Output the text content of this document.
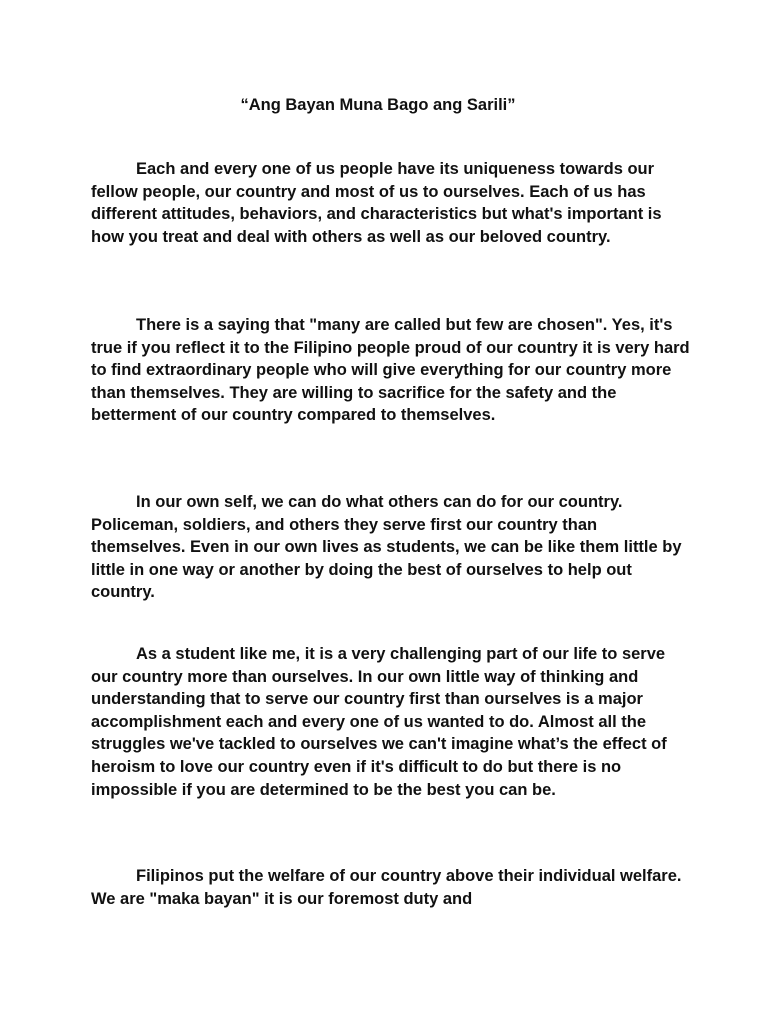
“Ang Bayan Muna Bago ang Sarili”

Each and every one of us people have its uniqueness towards our fellow people, our country and most of us to ourselves. Each of us has different attitudes, behaviors, and characteristics but what's important is how you treat and deal with others as well as our beloved country.

There is a saying that "many are called but few are chosen". Yes, it's true if you reflect it to the Filipino people proud of our country it is very hard to find extraordinary people who will give everything for our country more than themselves. They are willing to sacrifice for the safety and the betterment of our country compared to themselves.

In our own self, we can do what others can do for our country. Policeman, soldiers, and others they serve first our country than themselves. Even in our own lives as students, we can be like them little by little in one way or another by doing the best of ourselves to help out country.

As a student like me, it is a very challenging part of our life to serve our country more than ourselves. In our own little way of thinking and understanding that to serve our country first than ourselves is a major accomplishment each and every one of us wanted to do. Almost all the struggles we've tackled to ourselves we can't imagine what’s the effect of heroism to love our country even if it's difficult to do but there is no impossible if you are determined to be the best you can be.

Filipinos put the welfare of our country above their individual welfare. We are "maka bayan" it is our foremost duty and
